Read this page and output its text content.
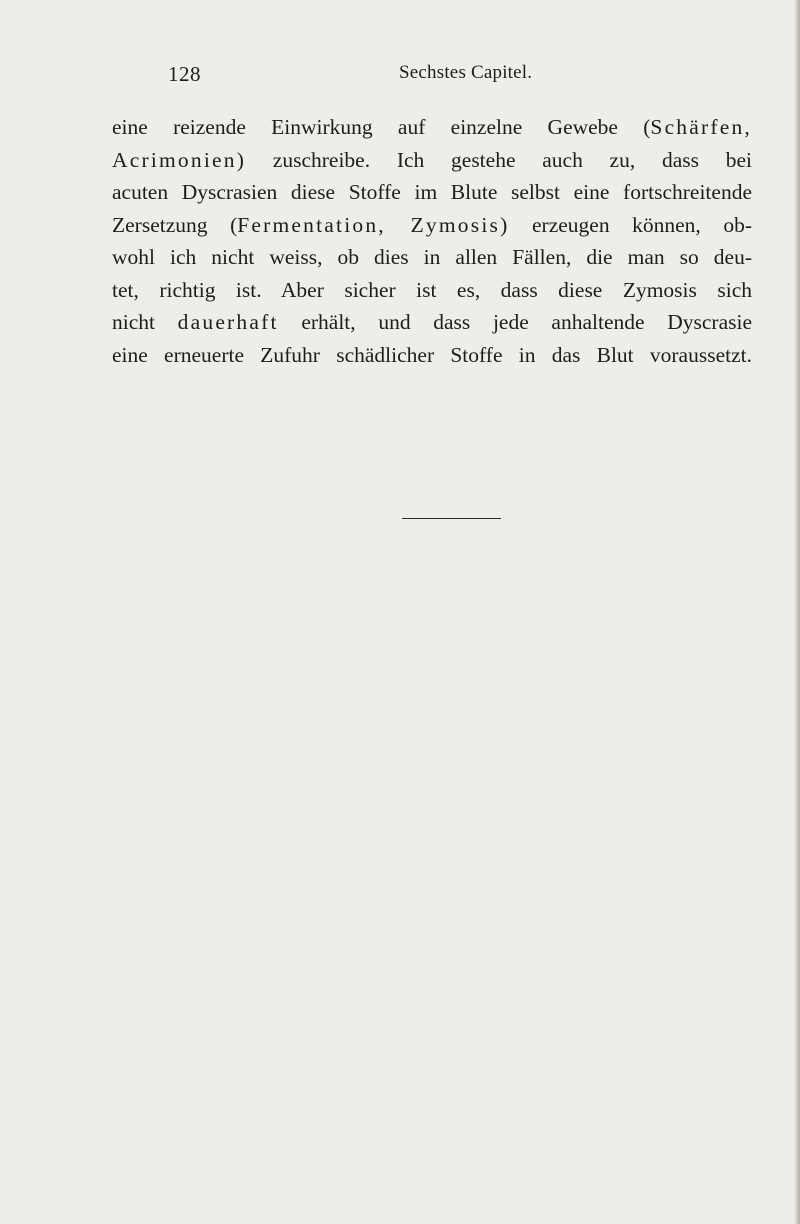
128	Sechstes Capitel.
eine reizende Einwirkung auf einzelne Gewebe (Schärfen,
Acrimonien) zuschreibe. Ich gestehe auch zu, dass bei
acuten Dyscrasien diese Stoffe im Blute selbst eine fortschreitende
Zersetzung (Fermentation, Zymosis) erzeugen können, ob-
wohl ich nicht weiss, ob dies in allen Fällen, die man so deu-
tet, richtig ist. Aber sicher ist es, dass diese Zymosis sich
nicht dauerhaft erhält, und dass jede anhaltende Dyscrasie
eine erneuerte Zufuhr schädlicher Stoffe in das Blut voraussetzt.
